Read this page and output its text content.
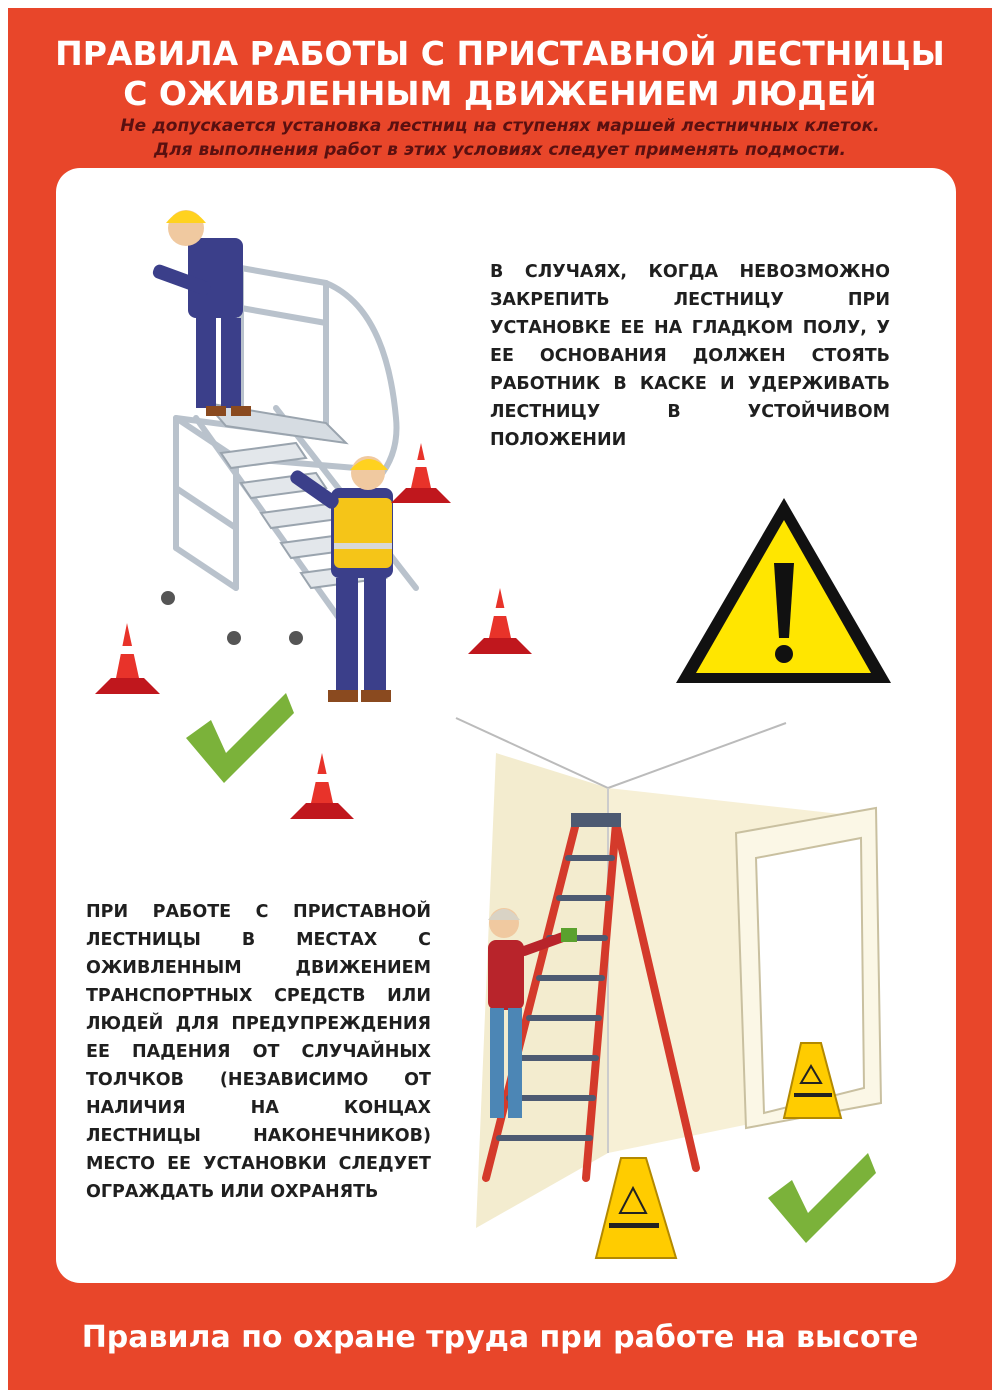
ПРАВИЛА РАБОТЫ С ПРИСТАВНОЙ ЛЕСТНИЦЫ
С ОЖИВЛЕННЫМ ДВИЖЕНИЕМ ЛЮДЕЙ
Не допускается установка лестниц на ступенях маршей лестничных клеток.
Для выполнения работ в этих условиях следует применять подмости.
В СЛУЧАЯХ, КОГДА НЕВОЗМОЖНО ЗАКРЕПИТЬ ЛЕСТНИЦУ ПРИ УСТАНОВКЕ ЕЕ НА ГЛАДКОМ ПОЛУ, У ЕЕ ОСНОВАНИЯ ДОЛЖЕН СТОЯТЬ РАБОТНИК В КАСКЕ И УДЕРЖИВАТЬ ЛЕСТНИЦУ В УСТОЙЧИВОМ ПОЛОЖЕНИИ
ПРИ РАБОТЕ С ПРИСТАВНОЙ ЛЕСТНИЦЫ В МЕСТАХ С ОЖИВЛЕННЫМ ДВИЖЕНИЕМ ТРАНСПОРТНЫХ СРЕДСТВ ИЛИ ЛЮДЕЙ ДЛЯ ПРЕДУПРЕЖДЕНИЯ ЕЕ ПАДЕНИЯ ОТ СЛУЧАЙНЫХ ТОЛЧКОВ (НЕЗАВИСИМО ОТ НАЛИЧИЯ НА КОНЦАХ ЛЕСТНИЦЫ НАКОНЕЧНИКОВ) МЕСТО ЕЕ УСТАНОВКИ СЛЕДУЕТ ОГРАЖДАТЬ ИЛИ ОХРАНЯТЬ
Правила по охране труда при работе на высоте
